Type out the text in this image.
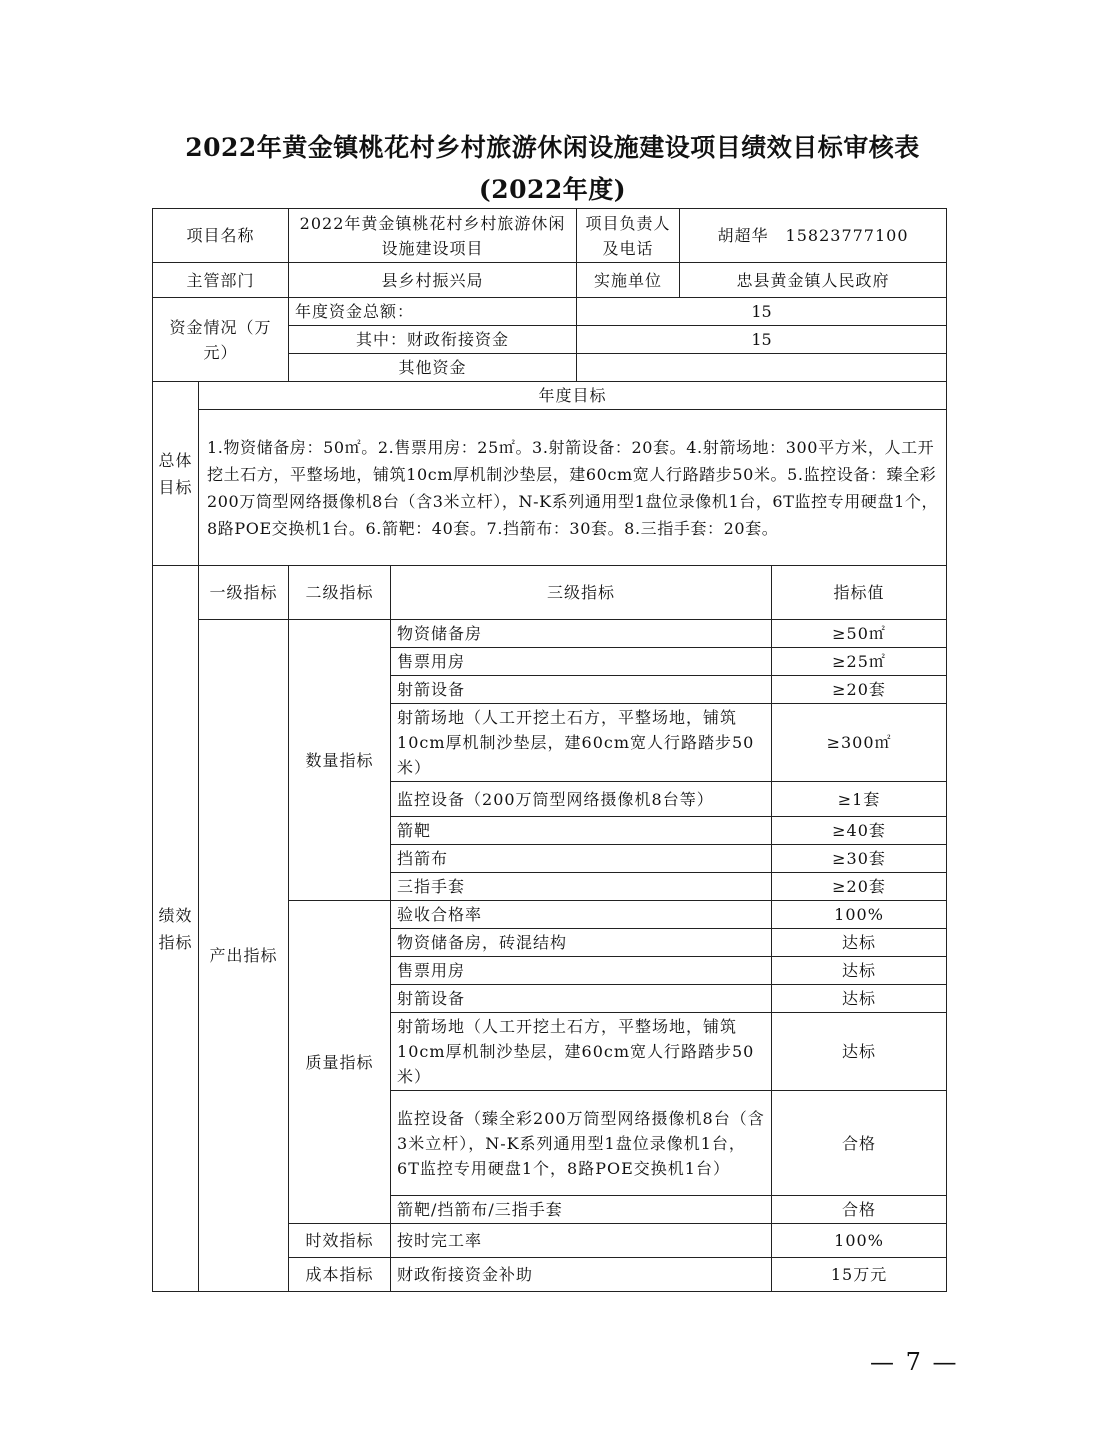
2022年黄金镇桃花村乡村旅游休闲设施建设项目绩效目标审核表
(2022年度)
项目名称		2022年黄金镇桃花村乡村旅游休闲设施建设项目		项目负责人及电话	胡超华　15823777100	
主管部门		县乡村振兴局		实施单位	忠县黄金镇人民政府	
资金情况（万元）		年度资金总额：		15		
		其中：财政衔接资金		15		
		其他资金				
总体目标	年度目标					
	1.物资储备房：50㎡。2.售票用房：25㎡。3.射箭设备：20套。4.射箭场地：300平方米，人工开挖土石方，平整场地，铺筑10cm厚机制沙垫层，建60cm宽人行路踏步50米。5.监控设备：臻全彩200万筒型网络摄像机8台（含3米立杆），N-K系列通用型1盘位录像机1台，6T监控专用硬盘1个，8路POE交换机1台。6.箭靶：40套。7.挡箭布：30套。8.三指手套：20套。					
绩效指标	一级指标	二级指标	三级指标			指标值
	产出指标	数量指标	物资储备房			≥50㎡
			售票用房			≥25㎡
			射箭设备			≥20套
			射箭场地（人工开挖土石方，平整场地，铺筑10cm厚机制沙垫层，建60cm宽人行路踏步50米）			≥300㎡
			监控设备（200万筒型网络摄像机8台等）			≥1套
			箭靶			≥40套
			挡箭布			≥30套
			三指手套			≥20套
		质量指标	验收合格率			100%
			物资储备房，砖混结构			达标
			售票用房			达标
			射箭设备			达标
			射箭场地（人工开挖土石方，平整场地，铺筑10cm厚机制沙垫层，建60cm宽人行路踏步50米）			达标
			监控设备（臻全彩200万筒型网络摄像机8台（含3米立杆），N-K系列通用型1盘位录像机1台，6T监控专用硬盘1个，8路POE交换机1台）			合格
			箭靶/挡箭布/三指手套			合格
		时效指标	按时完工率			100%
		成本指标	财政衔接资金补助			15万元
— 7 —
